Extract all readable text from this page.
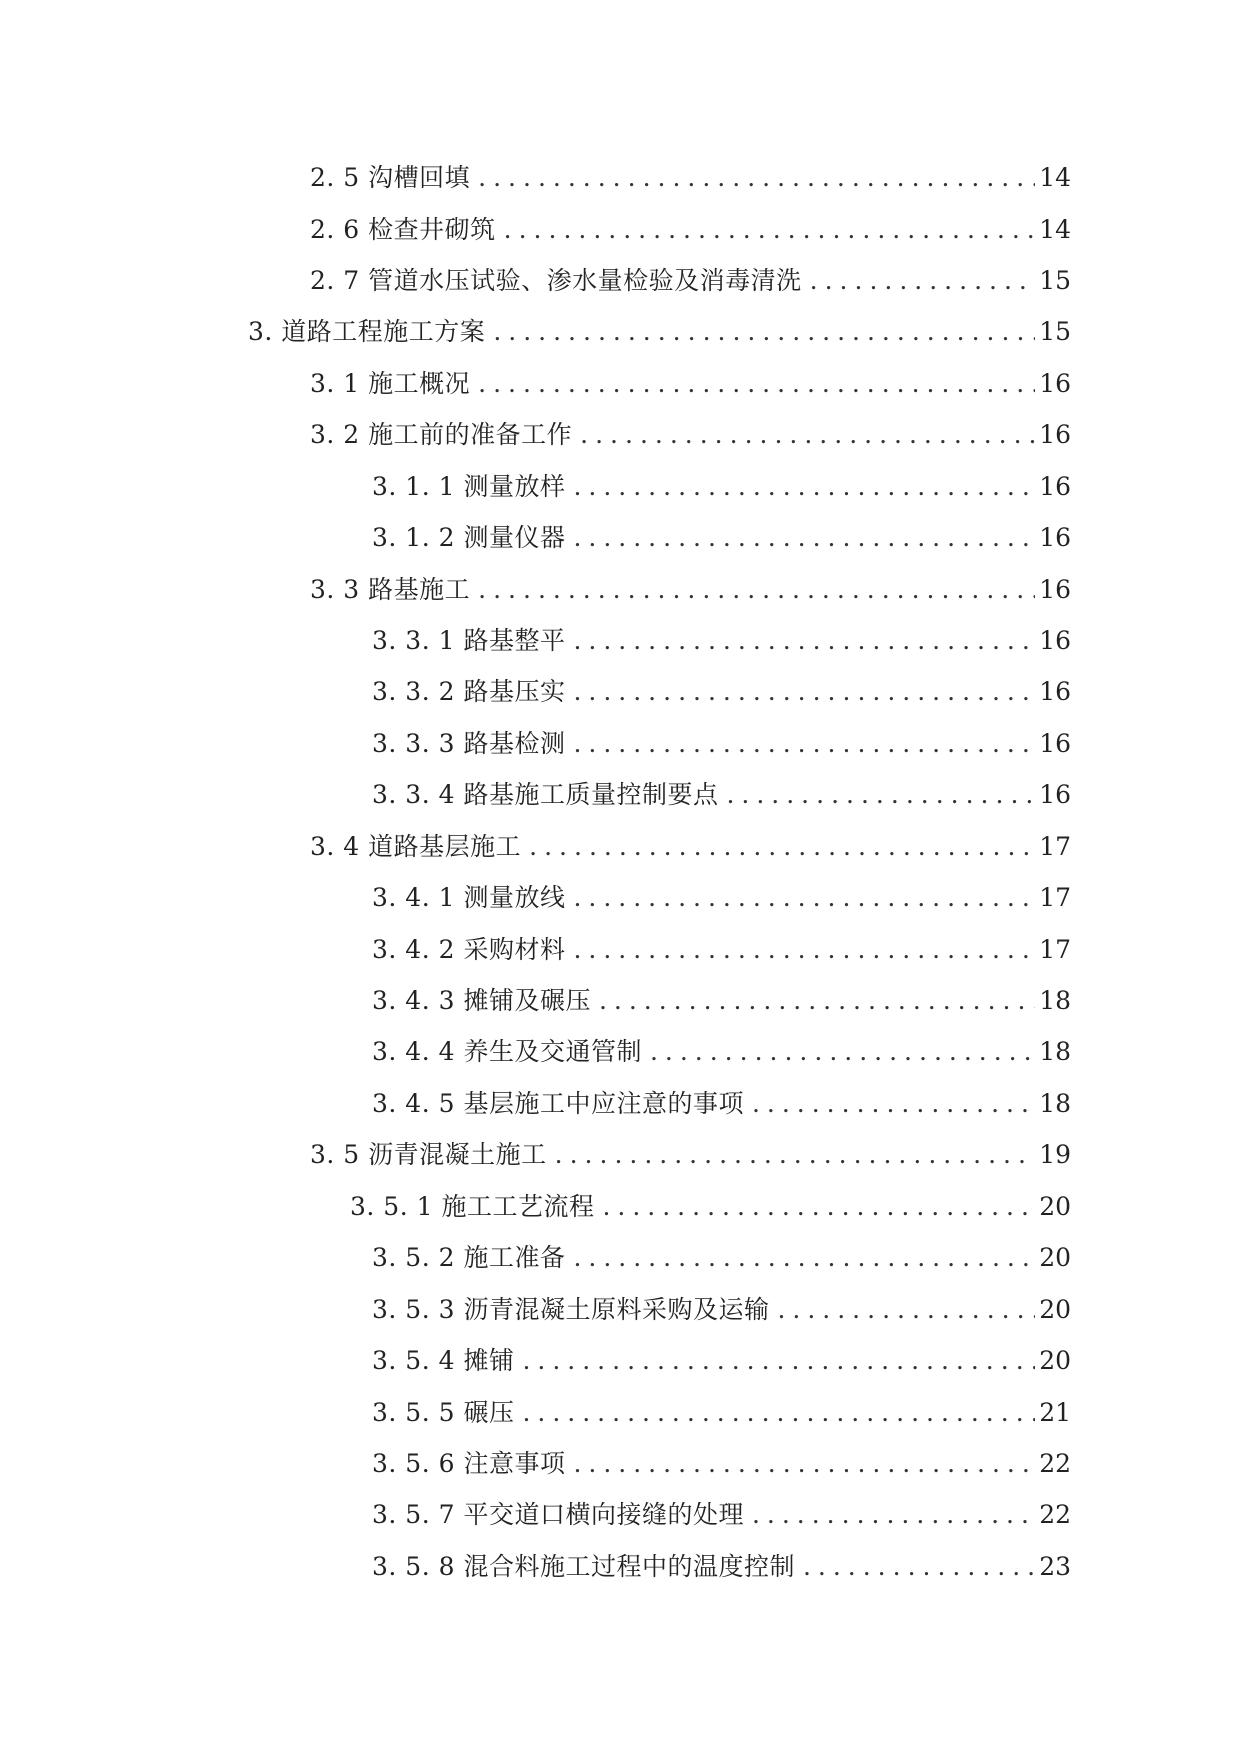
2. 5 沟槽回填 .....	14
2. 6 检查井砌筑 .....	14
2. 7 管道水压试验、渗水量检验及消毒清洗 .....	15
3. 道路工程施工方案 .....	15
3. 1 施工概况 .....	16
3. 2 施工前的准备工作 .....	16
3. 1. 1 测量放样 .....	16
3. 1. 2 测量仪器 .....	16
3. 3 路基施工 .....	16
3. 3. 1 路基整平 .....	16
3. 3. 2 路基压实 .....	16
3. 3. 3 路基检测 .....	16
3. 3. 4 路基施工质量控制要点 .....	16
3. 4 道路基层施工 .....	17
3. 4. 1 测量放线 .....	17
3. 4. 2 采购材料 .....	17
3. 4. 3 摊铺及碾压 .....	18
3. 4. 4 养生及交通管制 .....	18
3. 4. 5 基层施工中应注意的事项 .....	18
3. 5 沥青混凝土施工 .....	19
3. 5. 1 施工工艺流程 .....	20
3. 5. 2 施工准备 .....	20
3. 5. 3 沥青混凝土原料采购及运输 .....	20
3. 5. 4 摊铺 .....	20
3. 5. 5 碾压 .....	21
3. 5. 6 注意事项 .....	22
3. 5. 7 平交道口横向接缝的处理 .....	22
3. 5. 8 混合料施工过程中的温度控制 .....	23
